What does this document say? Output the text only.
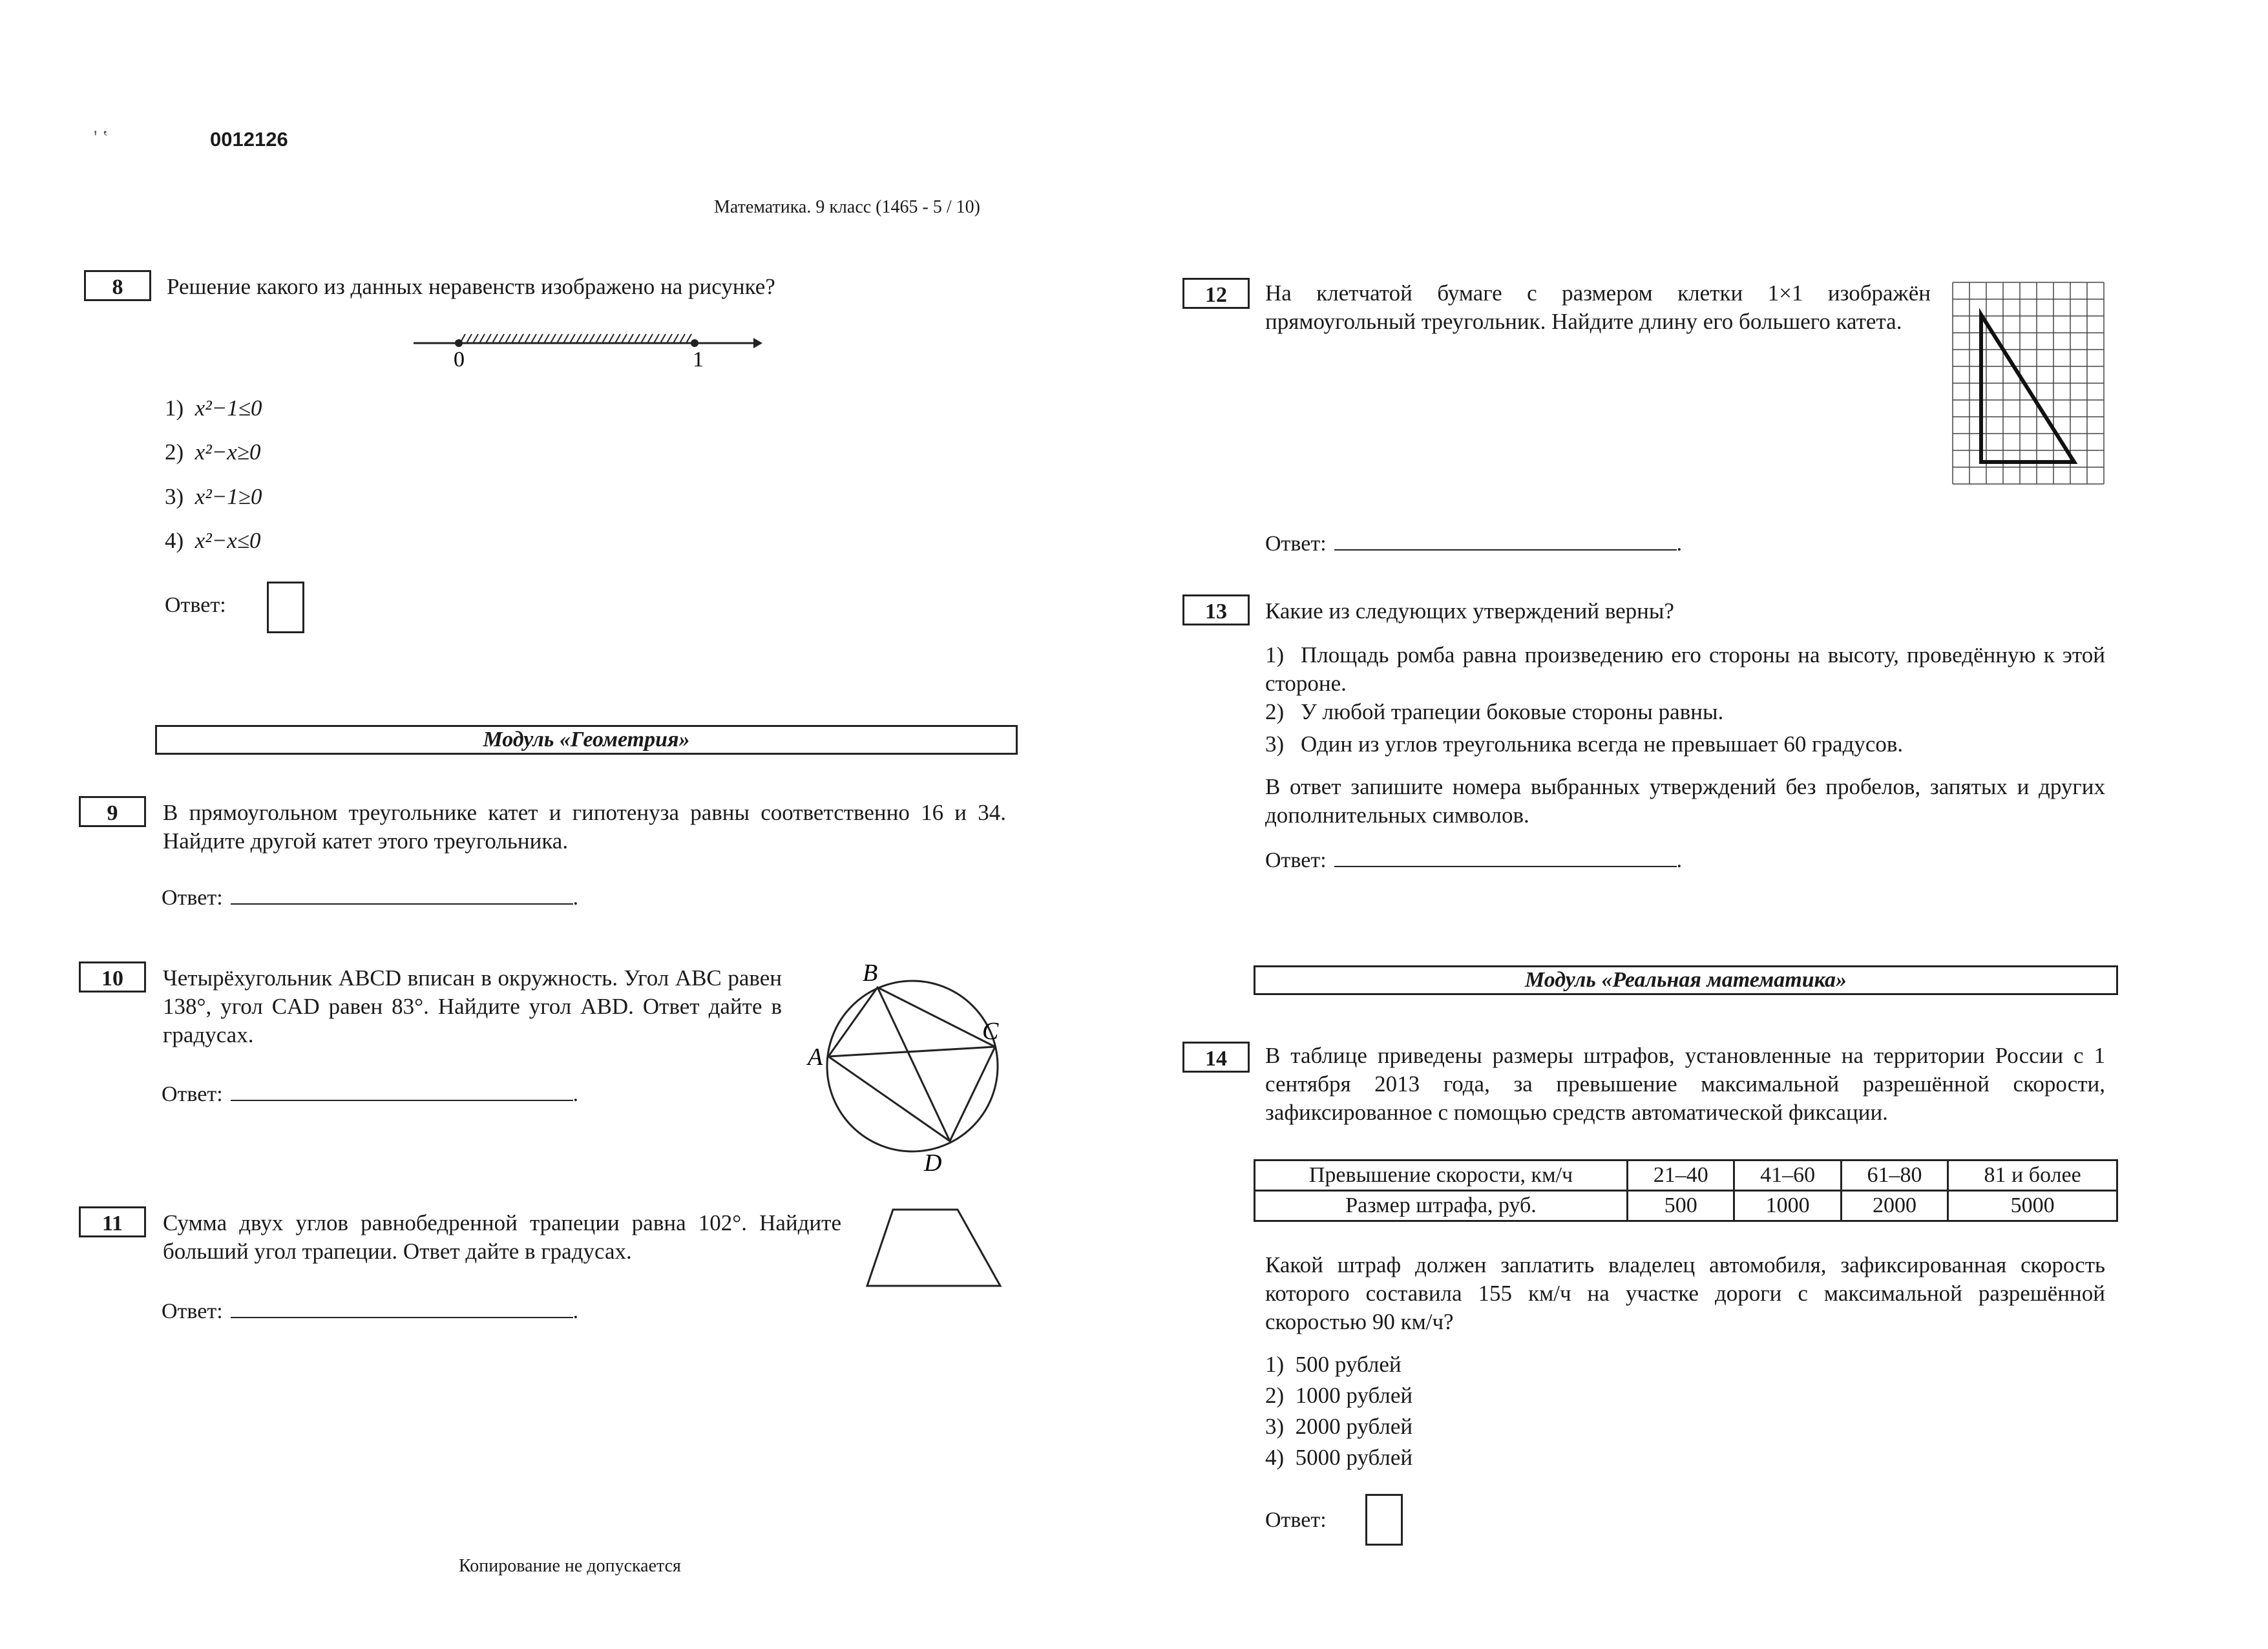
' ‛	0012126
Математика. 9 класс (1465 - 5 / 10)
8	Решение какого из данных неравенств изображено на рисунке?
0	1
1) x²−1≤0
2) x²−x≥0
3) x²−1≥0
4) x²−x≤0
Ответ:
Модуль «Геометрия»
9	В прямоугольном треугольнике катет и гипотенуза равны соответственно 16 и 34. Найдите другой катет этого треугольника.
Ответ:	.
10	Четырёхугольник ABCD вписан в окружность. Угол ABC равен 138°, угол CAD равен 83°. Найдите угол ABD. Ответ дайте в градусах.
Ответ:	.
B
A
C
D
11	Сумма двух углов равнобедренной трапеции равна 102°. Найдите больший угол трапеции. Ответ дайте в градусах.
Ответ:	.
Копирование не допускается
12	На клетчатой бумаге с размером клетки 1×1 изображён прямоугольный треугольник. Найдите длину его большего катета.
Ответ:	.
13	Какие из следующих утверждений верны?
1) Площадь ромба равна произведению его стороны на высоту, проведённую к этой стороне.
2) У любой трапеции боковые стороны равны.
3) Один из углов треугольника всегда не превышает 60 градусов.
В ответ запишите номера выбранных утверждений без пробелов, запятых и других дополнительных символов.
Ответ:	.
Модуль «Реальная математика»
14	В таблице приведены размеры штрафов, установленные на территории России с 1 сентября 2013 года, за превышение максимальной разрешённой скорости, зафиксированное с помощью средств автоматической фиксации.
Превышение скорости, км/ч	21–40	41–60	61–80	81 и более
Размер штрафа, руб.	500	1000	2000	5000
Какой штраф должен заплатить владелец автомобиля, зафиксированная скорость которого составила 155 км/ч на участке дороги с максимальной разрешённой скоростью 90 км/ч?
1) 500 рублей
2) 1000 рублей
3) 2000 рублей
4) 5000 рублей
Ответ:
